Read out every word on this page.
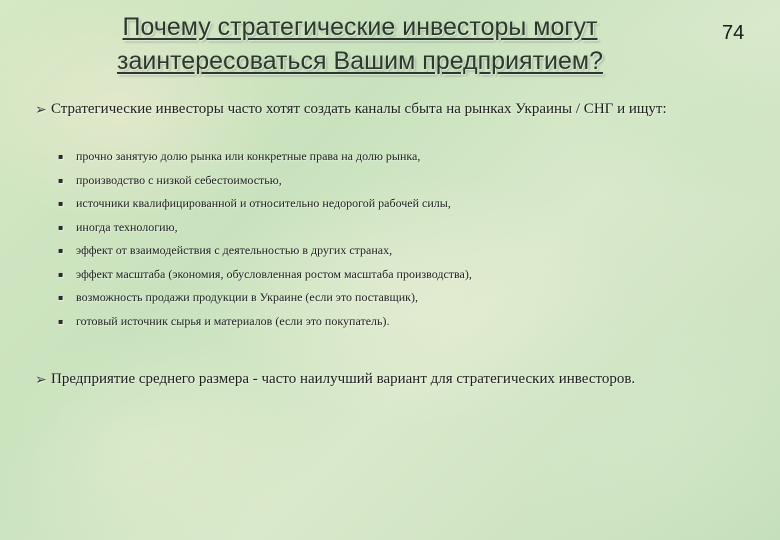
Почему стратегические инвесторы могут заинтересоваться Вашим предприятием?
74
➢ Стратегические инвесторы часто хотят создать каналы сбыта на рынках Украины / СНГ и ищут:
▪ прочно занятую долю рынка или конкретные права на долю рынка,
▪ производство с низкой себестоимостью,
▪ источники квалифицированной и относительно недорогой рабочей силы,
▪ иногда технологию,
▪ эффект от взаимодействия с деятельностью в других странах,
▪ эффект масштаба (экономия, обусловленная ростом масштаба производства),
▪ возможность продажи продукции в Украине (если это поставщик),
▪ готовый источник сырья и материалов (если это покупатель).
➢ Предприятие среднего размера - часто наилучший вариант для стратегических инвесторов.
